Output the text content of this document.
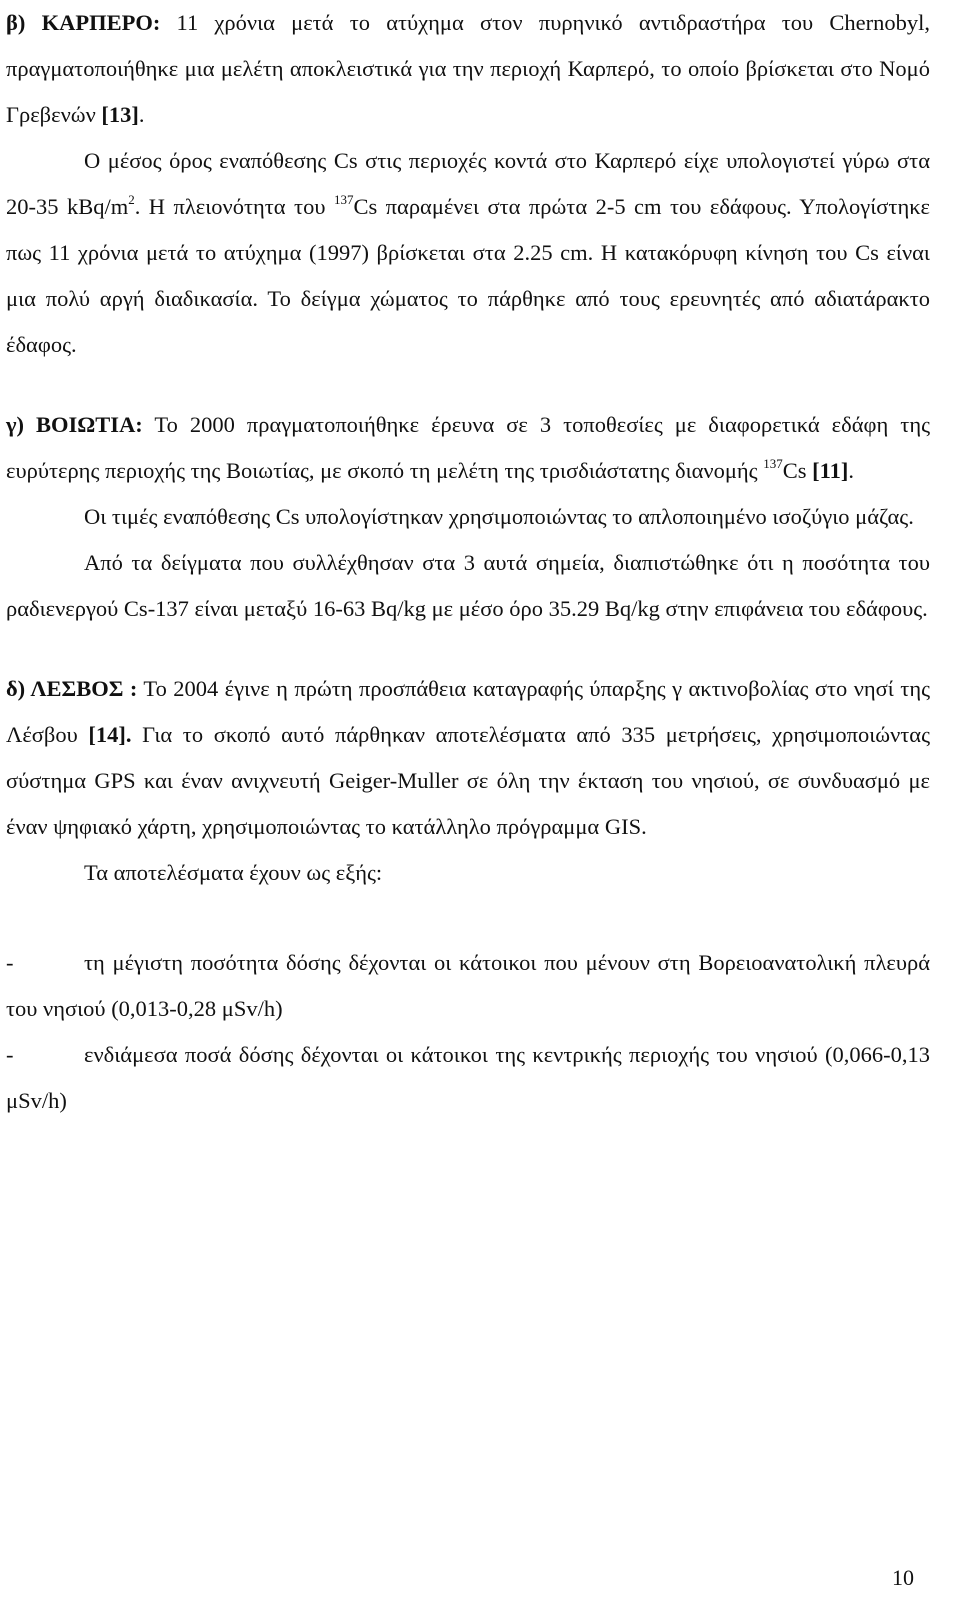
β) ΚΑΡΠΕΡΟ: 11 χρόνια μετά το ατύχημα στον πυρηνικό αντιδραστήρα του Chernobyl, πραγματοποιήθηκε μια μελέτη αποκλειστικά για την περιοχή Καρπερό, το οποίο βρίσκεται στο Νομό Γρεβενών [13].

Ο μέσος όρος εναπόθεσης Cs στις περιοχές κοντά στο Καρπερό είχε υπολογιστεί γύρω στα 20-35 kBq/$m^2$. Η πλειονότητα του $^{137}$Cs παραμένει στα πρώτα 2-5 cm του εδάφους. Υπολογίστηκε πως 11 χρόνια μετά το ατύχημα (1997) βρίσκεται στα 2.25 cm. Η κατακόρυφη κίνηση του Cs είναι μια πολύ αργή διαδικασία. Το δείγμα χώματος το πάρθηκε από τους ερευνητές από αδιατάρακτο έδαφος.

γ) ΒΟΙΩΤΙΑ: Το 2000 πραγματοποιήθηκε έρευνα σε 3 τοποθεσίες με διαφορετικά εδάφη της ευρύτερης περιοχής της Βοιωτίας, με σκοπό τη μελέτη της τρισδιάστατης διανομής $^{137}$Cs [11].

Οι τιμές εναπόθεσης Cs υπολογίστηκαν χρησιμοποιώντας το απλοποιημένο ισοζύγιο μάζας.

Από τα δείγματα που συλλέχθησαν στα 3 αυτά σημεία, διαπιστώθηκε ότι η ποσότητα του ραδιενεργού Cs-137 είναι μεταξύ 16-63 Bq/kg με μέσο όρο 35.29 Bq/kg στην επιφάνεια του εδάφους.

δ) ΛΕΣΒΟΣ : Το 2004 έγινε η πρώτη προσπάθεια καταγραφής ύπαρξης γ ακτινοβολίας στο νησί της Λέσβου [14]. Για το σκοπό αυτό πάρθηκαν αποτελέσματα από 335 μετρήσεις, χρησιμοποιώντας σύστημα GPS και έναν ανιχνευτή Geiger-Muller σε όλη την έκταση του νησιού, σε συνδυασμό με έναν ψηφιακό χάρτη, χρησιμοποιώντας το κατάλληλο πρόγραμμα GIS.

Τα αποτελέσματα έχουν ως εξής:

-	τη μέγιστη ποσότητα δόσης δέχονται οι κάτοικοι που μένουν στη Βορειοανατολική πλευρά του νησιού (0,013-0,28 μSv/h)

-	ενδιάμεσα ποσά δόσης δέχονται οι κάτοικοι της κεντρικής περιοχής του νησιού (0,066-0,13 μSv/h)

10
